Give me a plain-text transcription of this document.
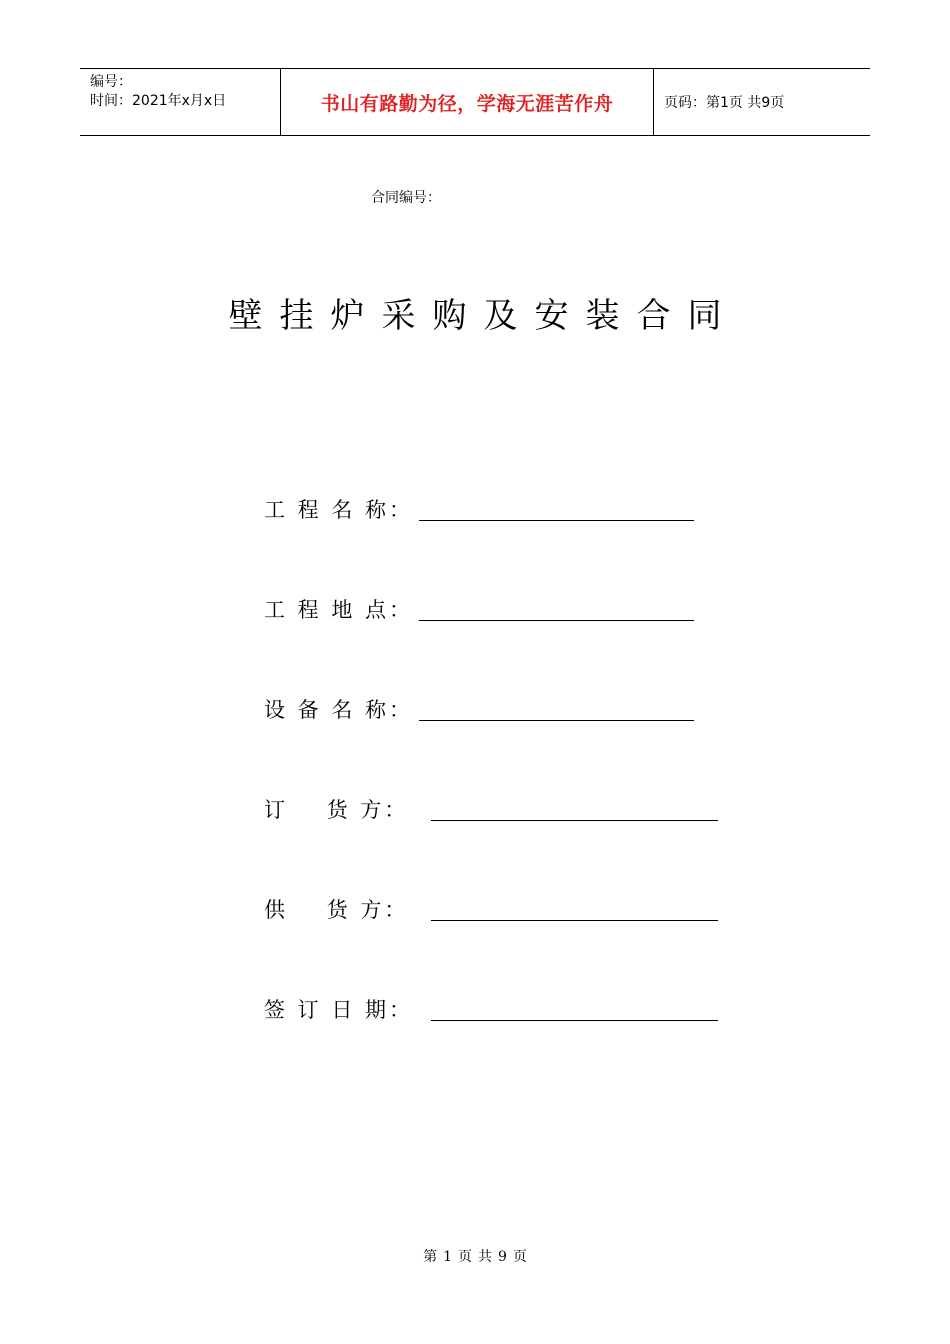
编号：
时间：2021年x月x日	书山有路勤为径，学海无涯苦作舟	页码：第1页 共9页
合同编号：
壁挂炉采购及安装合同
工 程 名 称：
工 程 地 点：
设 备 名 称：
订    货 方：
供    货 方：
签 订 日 期：
第 1 页 共 9 页
